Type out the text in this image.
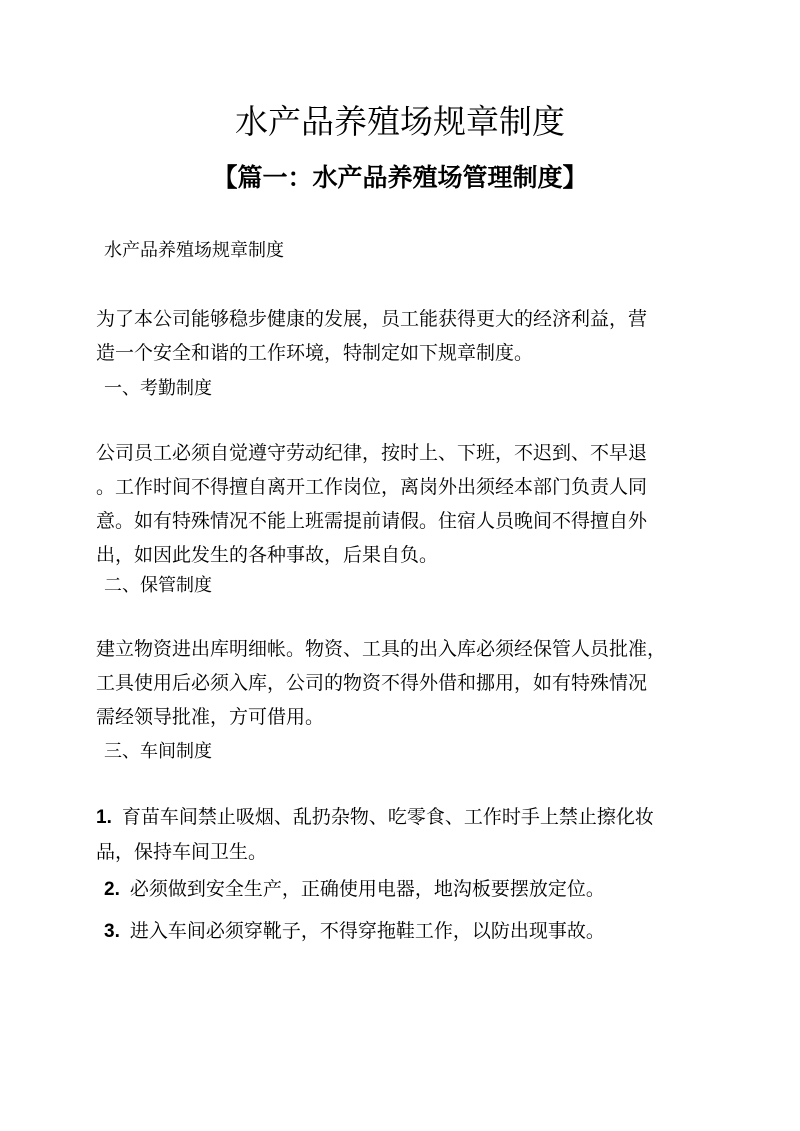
水产品养殖场规章制度
【篇一：水产品养殖场管理制度】

水产品养殖场规章制度

为了本公司能够稳步健康的发展，员工能获得更大的经济利益，营
造一个安全和谐的工作环境，特制定如下规章制度。

一、考勤制度

公司员工必须自觉遵守劳动纪律，按时上、下班，不迟到、不早退
。工作时间不得擅自离开工作岗位，离岗外出须经本部门负责人同
意。如有特殊情况不能上班需提前请假。住宿人员晚间不得擅自外
出，如因此发生的各种事故，后果自负。

二、保管制度

建立物资进出库明细帐。物资、工具的出入库必须经保管人员批准，
工具使用后必须入库，公司的物资不得外借和挪用，如有特殊情况
需经领导批准，方可借用。

三、车间制度

1. 育苗车间禁止吸烟、乱扔杂物、吃零食、工作时手上禁止擦化妆
品，保持车间卫生。

2. 必须做到安全生产，正确使用电器，地沟板要摆放定位。

3. 进入车间必须穿靴子，不得穿拖鞋工作，以防出现事故。
